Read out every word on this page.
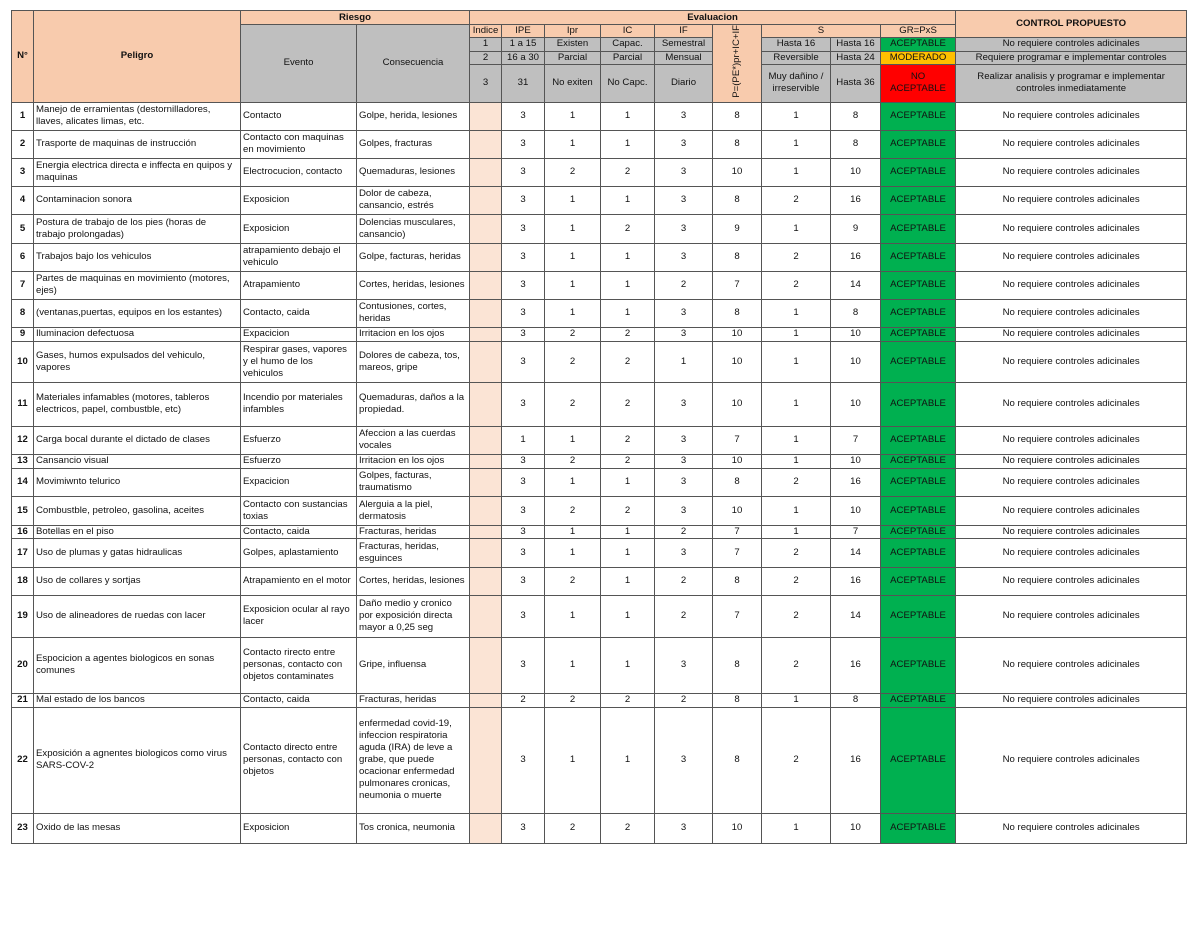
N°	Peligro	Riesgo		Evaluacion									CONTROL PROPUESTO
		Evento	Consecuencia	Indice	IPE	Ipr	IC	IF	P=(PE*)pr+IC+IF	S		GR=PxS	
				1	1 a 15	Existen	Capac.	Semestral		Hasta 16	Hasta 16	ACEPTABLE	No requiere controles adicinales
				2	16 a 30	Parcial	Parcial	Mensual		Reversible	Hasta 24	MODERADO	Requiere programar e implementar controles
				3	31	No exiten	No Capc.	Diario		Muy dañino / irreservible	Hasta 36	NO ACEPTABLE	Realizar analisis y programar e implementar controles inmediatamente
1	Manejo de erramientas (destornilladores, llaves, alicates limas, etc.	Contacto	Golpe, herida, lesiones		3	1	1	3	8	1	8	ACEPTABLE	No requiere controles adicinales
2	Trasporte de maquinas de instrucción	Contacto con maquinas en movimiento	Golpes, fracturas		3	1	1	3	8	1	8	ACEPTABLE	No requiere controles adicinales
3	Energia electrica directa e inffecta en quipos y maquinas	Electrocucion, contacto	Quemaduras, lesiones		3	2	2	3	10	1	10	ACEPTABLE	No requiere controles adicinales
4	Contaminacion sonora	Exposicion	Dolor de cabeza, cansancio, estrés		3	1	1	3	8	2	16	ACEPTABLE	No requiere controles adicinales
5	Postura de trabajo de los pies (horas de trabajo prolongadas)	Exposicion	Dolencias musculares, cansancio)		3	1	2	3	9	1	9	ACEPTABLE	No requiere controles adicinales
6	Trabajos bajo los vehiculos	atrapamiento debajo el vehiculo	Golpe, facturas, heridas		3	1	1	3	8	2	16	ACEPTABLE	No requiere controles adicinales
7	Partes de maquinas en movimiento (motores, ejes)	Atrapamiento	Cortes, heridas, lesiones		3	1	1	2	7	2	14	ACEPTABLE	No requiere controles adicinales
8	(ventanas,puertas, equipos en los estantes)	Contacto, caida	Contusiones, cortes, heridas		3	1	1	3	8	1	8	ACEPTABLE	No requiere controles adicinales
9	Iluminacion defectuosa	Expacicion	Irritacion en los ojos		3	2	2	3	10	1	10	ACEPTABLE	No requiere controles adicinales
10	Gases, humos expulsados del vehiculo, vapores	Respirar gases, vapores y el humo de los vehiculos	Dolores de cabeza, tos, mareos, gripe		3	2	2	1	10	1	10	ACEPTABLE	No requiere controles adicinales
11	Materiales infamables (motores, tableros electricos, papel, combustble, etc)	Incendio por materiales infambles	Quemaduras, daños a la propiedad.		3	2	2	3	10	1	10	ACEPTABLE	No requiere controles adicinales
12	Carga bocal durante el dictado de clases	Esfuerzo	Afeccion a las cuerdas vocales		1	1	2	3	7	1	7	ACEPTABLE	No requiere controles adicinales
13	Cansancio visual	Esfuerzo	Irritacion en los ojos		3	2	2	3	10	1	10	ACEPTABLE	No requiere controles adicinales
14	Movimiwnto telurico	Expacicion	Golpes, facturas, traumatismo		3	1	1	3	8	2	16	ACEPTABLE	No requiere controles adicinales
15	Combustble, petroleo, gasolina, aceites	Contacto con sustancias toxias	Alerguia a la piel, dermatosis		3	2	2	3	10	1	10	ACEPTABLE	No requiere controles adicinales
16	Botellas en el piso	Contacto, caida	Fracturas, heridas		3	1	1	2	7	1	7	ACEPTABLE	No requiere controles adicinales
17	Uso de plumas y gatas hidraulicas	Golpes, aplastamiento	Fracturas, heridas, esguinces		3	1	1	3	7	2	14	ACEPTABLE	No requiere controles adicinales
18	Uso de collares y sortjas	Atrapamiento en el motor	Cortes, heridas, lesiones		3	2	1	2	8	2	16	ACEPTABLE	No requiere controles adicinales
19	Uso de alineadores de ruedas con lacer	Exposicion ocular al rayo lacer	Daño medio y cronico por exposición directa mayor a 0,25 seg		3	1	1	2	7	2	14	ACEPTABLE	No requiere controles adicinales
20	Espocicion a agentes biologicos en sonas comunes	Contacto rirecto entre personas, contacto con objetos contaminates	Gripe, influensa		3	1	1	3	8	2	16	ACEPTABLE	No requiere controles adicinales
21	Mal estado de los bancos	Contacto, caida	Fracturas, heridas		2	2	2	2	8	1	8	ACEPTABLE	No requiere controles adicinales
22	Exposición a agnentes biologicos como virus SARS-COV-2	Contacto directo entre personas, contacto con objetos	enfermedad covid-19, infeccion respiratoria aguda (IRA) de leve a grabe, que puede ocacionar enfermedad pulmonares cronicas, neumonia o muerte		3	1	1	3	8	2	16	ACEPTABLE	No requiere controles adicinales
23	Oxido de las mesas	Exposicion	Tos cronica, neumonia		3	2	2	3	10	1	10	ACEPTABLE	No requiere controles adicinales
